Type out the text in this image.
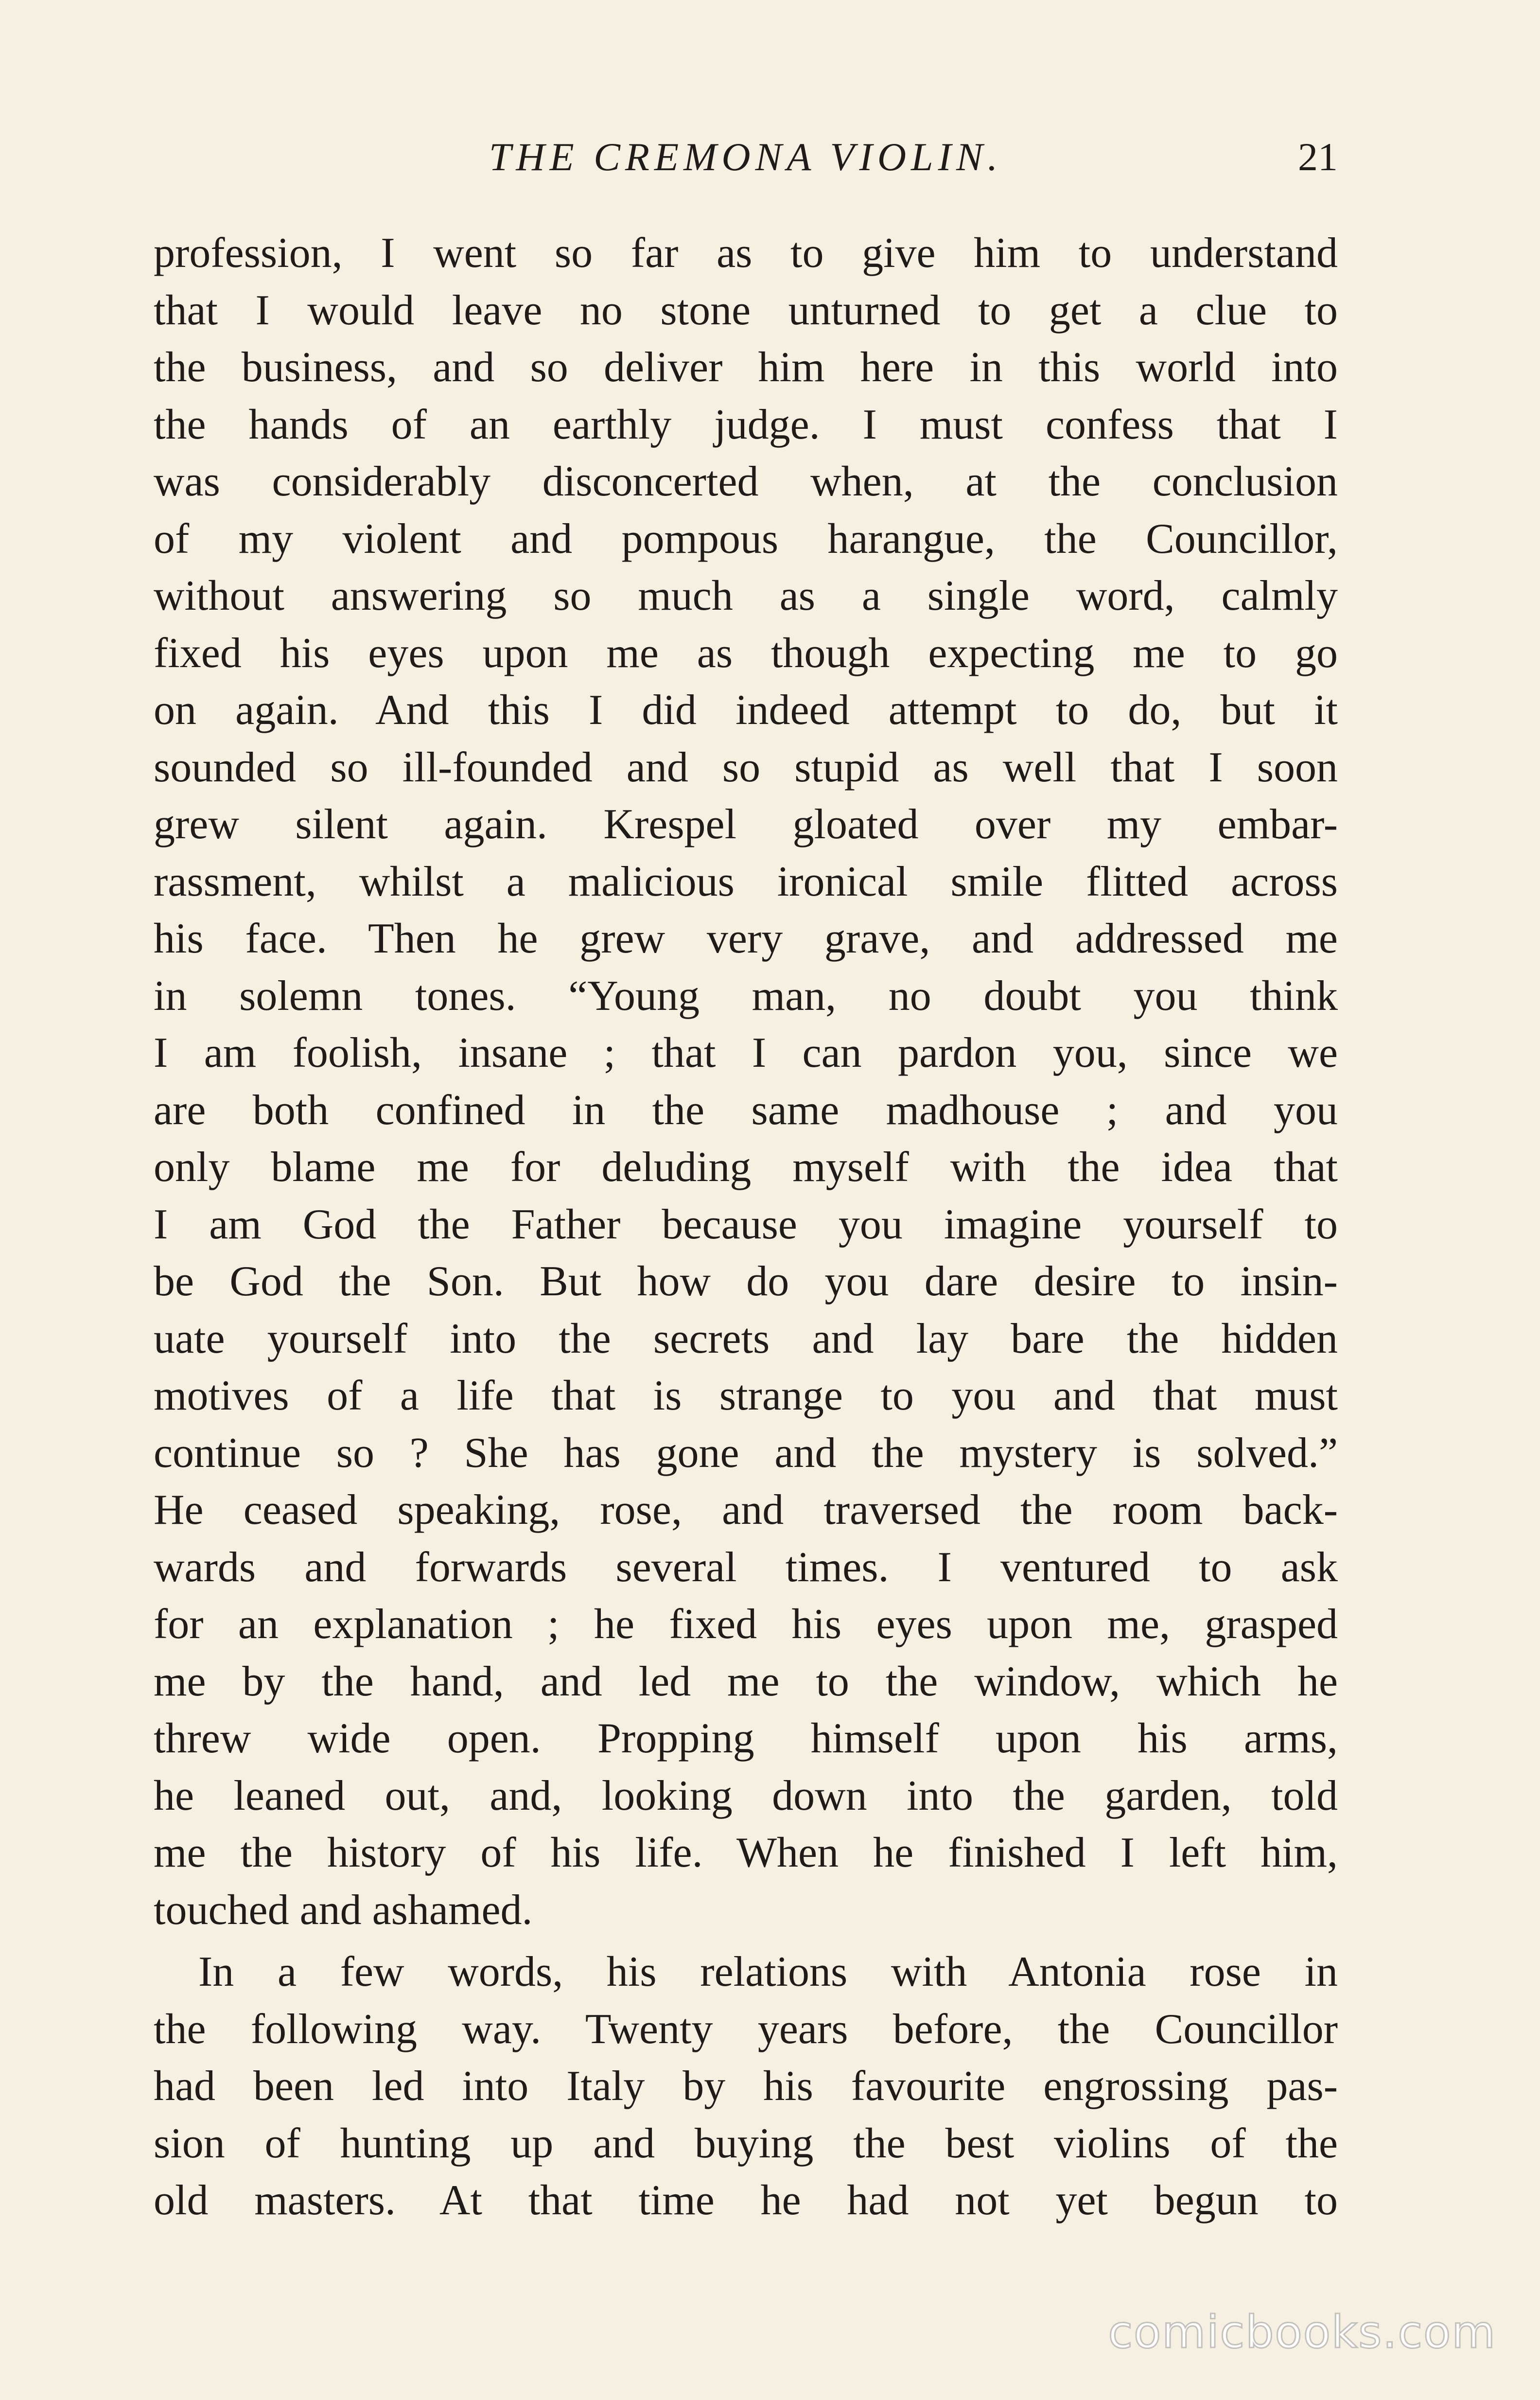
THE CREMONA VIOLIN.	21
profession, I went so far as to give him to understand
that I would leave no stone unturned to get a clue to
the business, and so deliver him here in this world into
the hands of an earthly judge. I must confess that I
was considerably disconcerted when, at the conclusion
of my violent and pompous harangue, the Councillor,
without answering so much as a single word, calmly
fixed his eyes upon me as though expecting me to go
on again. And this I did indeed attempt to do, but it
sounded so ill-founded and so stupid as well that I soon
grew silent again. Krespel gloated over my embar-
rassment, whilst a malicious ironical smile flitted across
his face. Then he grew very grave, and addressed me
in solemn tones. “Young man, no doubt you think
I am foolish, insane ; that I can pardon you, since we
are both confined in the same madhouse ; and you
only blame me for deluding myself with the idea that
I am God the Father because you imagine yourself to
be God the Son. But how do you dare desire to insin-
uate yourself into the secrets and lay bare the hidden
motives of a life that is strange to you and that must
continue so ? She has gone and the mystery is solved.”
He ceased speaking, rose, and traversed the room back-
wards and forwards several times. I ventured to ask
for an explanation ; he fixed his eyes upon me, grasped
me by the hand, and led me to the window, which he
threw wide open. Propping himself upon his arms,
he leaned out, and, looking down into the garden, told
me the history of his life. When he finished I left him,
touched and ashamed.
In a few words, his relations with Antonia rose in
the following way. Twenty years before, the Councillor
had been led into Italy by his favourite engrossing pas-
sion of hunting up and buying the best violins of the
old masters. At that time he had not yet begun to
comicbooks.com
